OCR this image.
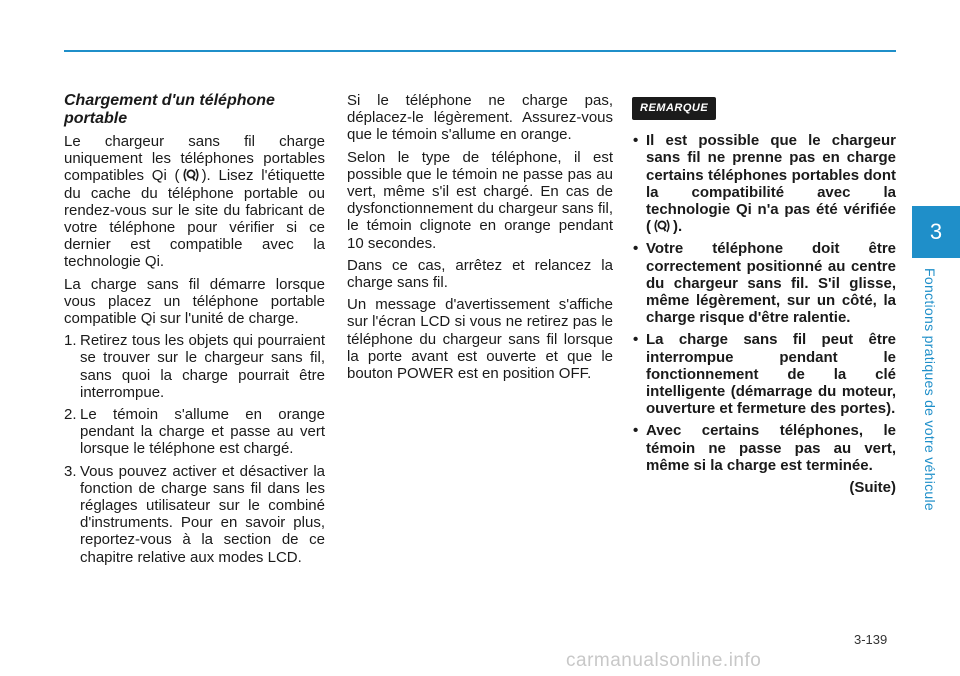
Chargement d'un téléphone portable

Le chargeur sans fil charge uniquement les téléphones portables compatibles Qi ( ). Lisez l'étiquette du cache du téléphone portable ou rendez-vous sur le site du fabricant de votre téléphone pour vérifier si ce dernier est compatible avec la technologie Qi.

La charge sans fil démarre lorsque vous placez un téléphone portable compatible Qi sur l'unité de charge.

1. Retirez tous les objets qui pourraient se trouver sur le chargeur sans fil, sans quoi la charge pourrait être interrompue.
2. Le témoin s'allume en orange pendant la charge et passe au vert lorsque le téléphone est chargé.
3. Vous pouvez activer et désactiver la fonction de charge sans fil dans les réglages utilisateur sur le combiné d'instruments. Pour en savoir plus, reportez-vous à la section de ce chapitre relative aux modes LCD.

Si le téléphone ne charge pas, déplacez-le légèrement. Assurez-vous que le témoin s'allume en orange.

Selon le type de téléphone, il est possible que le témoin ne passe pas au vert, même s'il est chargé. En cas de dysfonctionnement du chargeur sans fil, le témoin clignote en orange pendant 10 secondes.

Dans ce cas, arrêtez et relancez la charge sans fil.

Un message d'avertissement s'affiche sur l'écran LCD si vous ne retirez pas le téléphone du chargeur sans fil lorsque la porte avant est ouverte et que le bouton POWER est en position OFF.

REMARQUE
• Il est possible que le chargeur sans fil ne prenne pas en charge certains téléphones portables dont la compatibilité avec la technologie Qi n'a pas été vérifiée ( ).
• Votre téléphone doit être correctement positionné au centre du chargeur sans fil. S'il glisse, même légèrement, sur un côté, la charge risque d'être ralentie.
• La charge sans fil peut être interrompue pendant le fonctionnement de la clé intelligente (démarrage du moteur, ouverture et fermeture des portes).
• Avec certains téléphones, le témoin ne passe pas au vert, même si la charge est terminée.
(Suite)
3
Fonctions pratiques de votre véhicule
3-139
carmanualsonline.info
